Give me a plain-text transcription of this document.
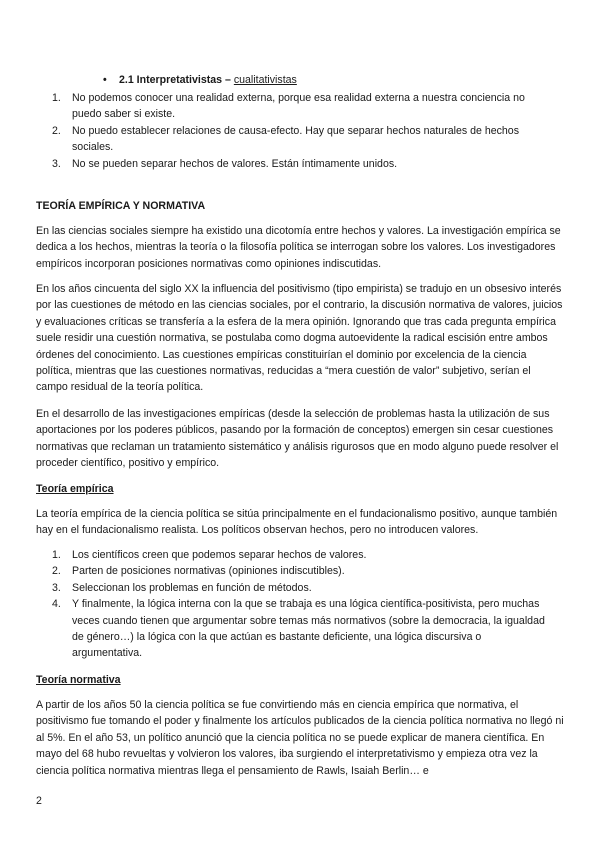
• 2.1 Interpretativistas – cualitativistas
1. No podemos conocer una realidad externa, porque esa realidad externa a nuestra conciencia no puedo saber si existe.
2. No puedo establecer relaciones de causa-efecto. Hay que separar hechos naturales de hechos sociales.
3. No se pueden separar hechos de valores. Están íntimamente unidos.
TEORÍA EMPÍRICA Y NORMATIVA

En las ciencias sociales siempre ha existido una dicotomía entre hechos y valores. La investigación empírica se dedica a los hechos, mientras la teoría o la filosofía política se interrogan sobre los valores. Los investigadores empíricos incorporan posiciones normativas como opiniones indiscutidas.

En los años cincuenta del siglo XX la influencia del positivismo (tipo empirista) se tradujo en un obsesivo interés por las cuestiones de método en las ciencias sociales, por el contrario, la discusión normativa de valores, juicios y evaluaciones críticas se transfería a la esfera de la mera opinión. Ignorando que tras cada pregunta empírica suele residir una cuestión normativa, se postulaba como dogma autoevidente la radical escisión entre ambos órdenes del conocimiento. Las cuestiones empíricas constituirían el dominio por excelencia de la ciencia política, mientras que las cuestiones normativas, reducidas a “mera cuestión de valor” subjetivo, serían el campo residual de la teoría política.

En el desarrollo de las investigaciones empíricas (desde la selección de problemas hasta la utilización de sus aportaciones por los poderes públicos, pasando por la formación de conceptos) emergen sin cesar cuestiones normativas que reclaman un tratamiento sistemático y análisis rigurosos que en modo alguno puede resolver el proceder científico, positivo y empírico.

Teoría empírica

La teoría empírica de la ciencia política se sitúa principalmente en el fundacionalismo positivo, aunque también hay en el fundacionalismo realista. Los políticos observan hechos, pero no introducen valores.

1. Los científicos creen que podemos separar hechos de valores.
2. Parten de posiciones normativas (opiniones indiscutibles).
3. Seleccionan los problemas en función de métodos.
4. Y finalmente, la lógica interna con la que se trabaja es una lógica científica-positivista, pero muchas veces cuando tienen que argumentar sobre temas más normativos (sobre la democracia, la igualdad de género…) la lógica con la que actúan es bastante deficiente, una lógica discursiva o argumentativa.
Teoría normativa

A partir de los años 50 la ciencia política se fue convirtiendo más en ciencia empírica que normativa, el positivismo fue tomando el poder y finalmente los artículos publicados de la ciencia política normativa no llegó ni al 5%. En el año 53, un político anunció que la ciencia política no se puede explicar de manera científica. En mayo del 68 hubo revueltas y volvieron los valores, iba surgiendo el interpretativismo y empieza otra vez la ciencia política normativa mientras llega el pensamiento de Rawls, Isaiah Berlin… e

2
